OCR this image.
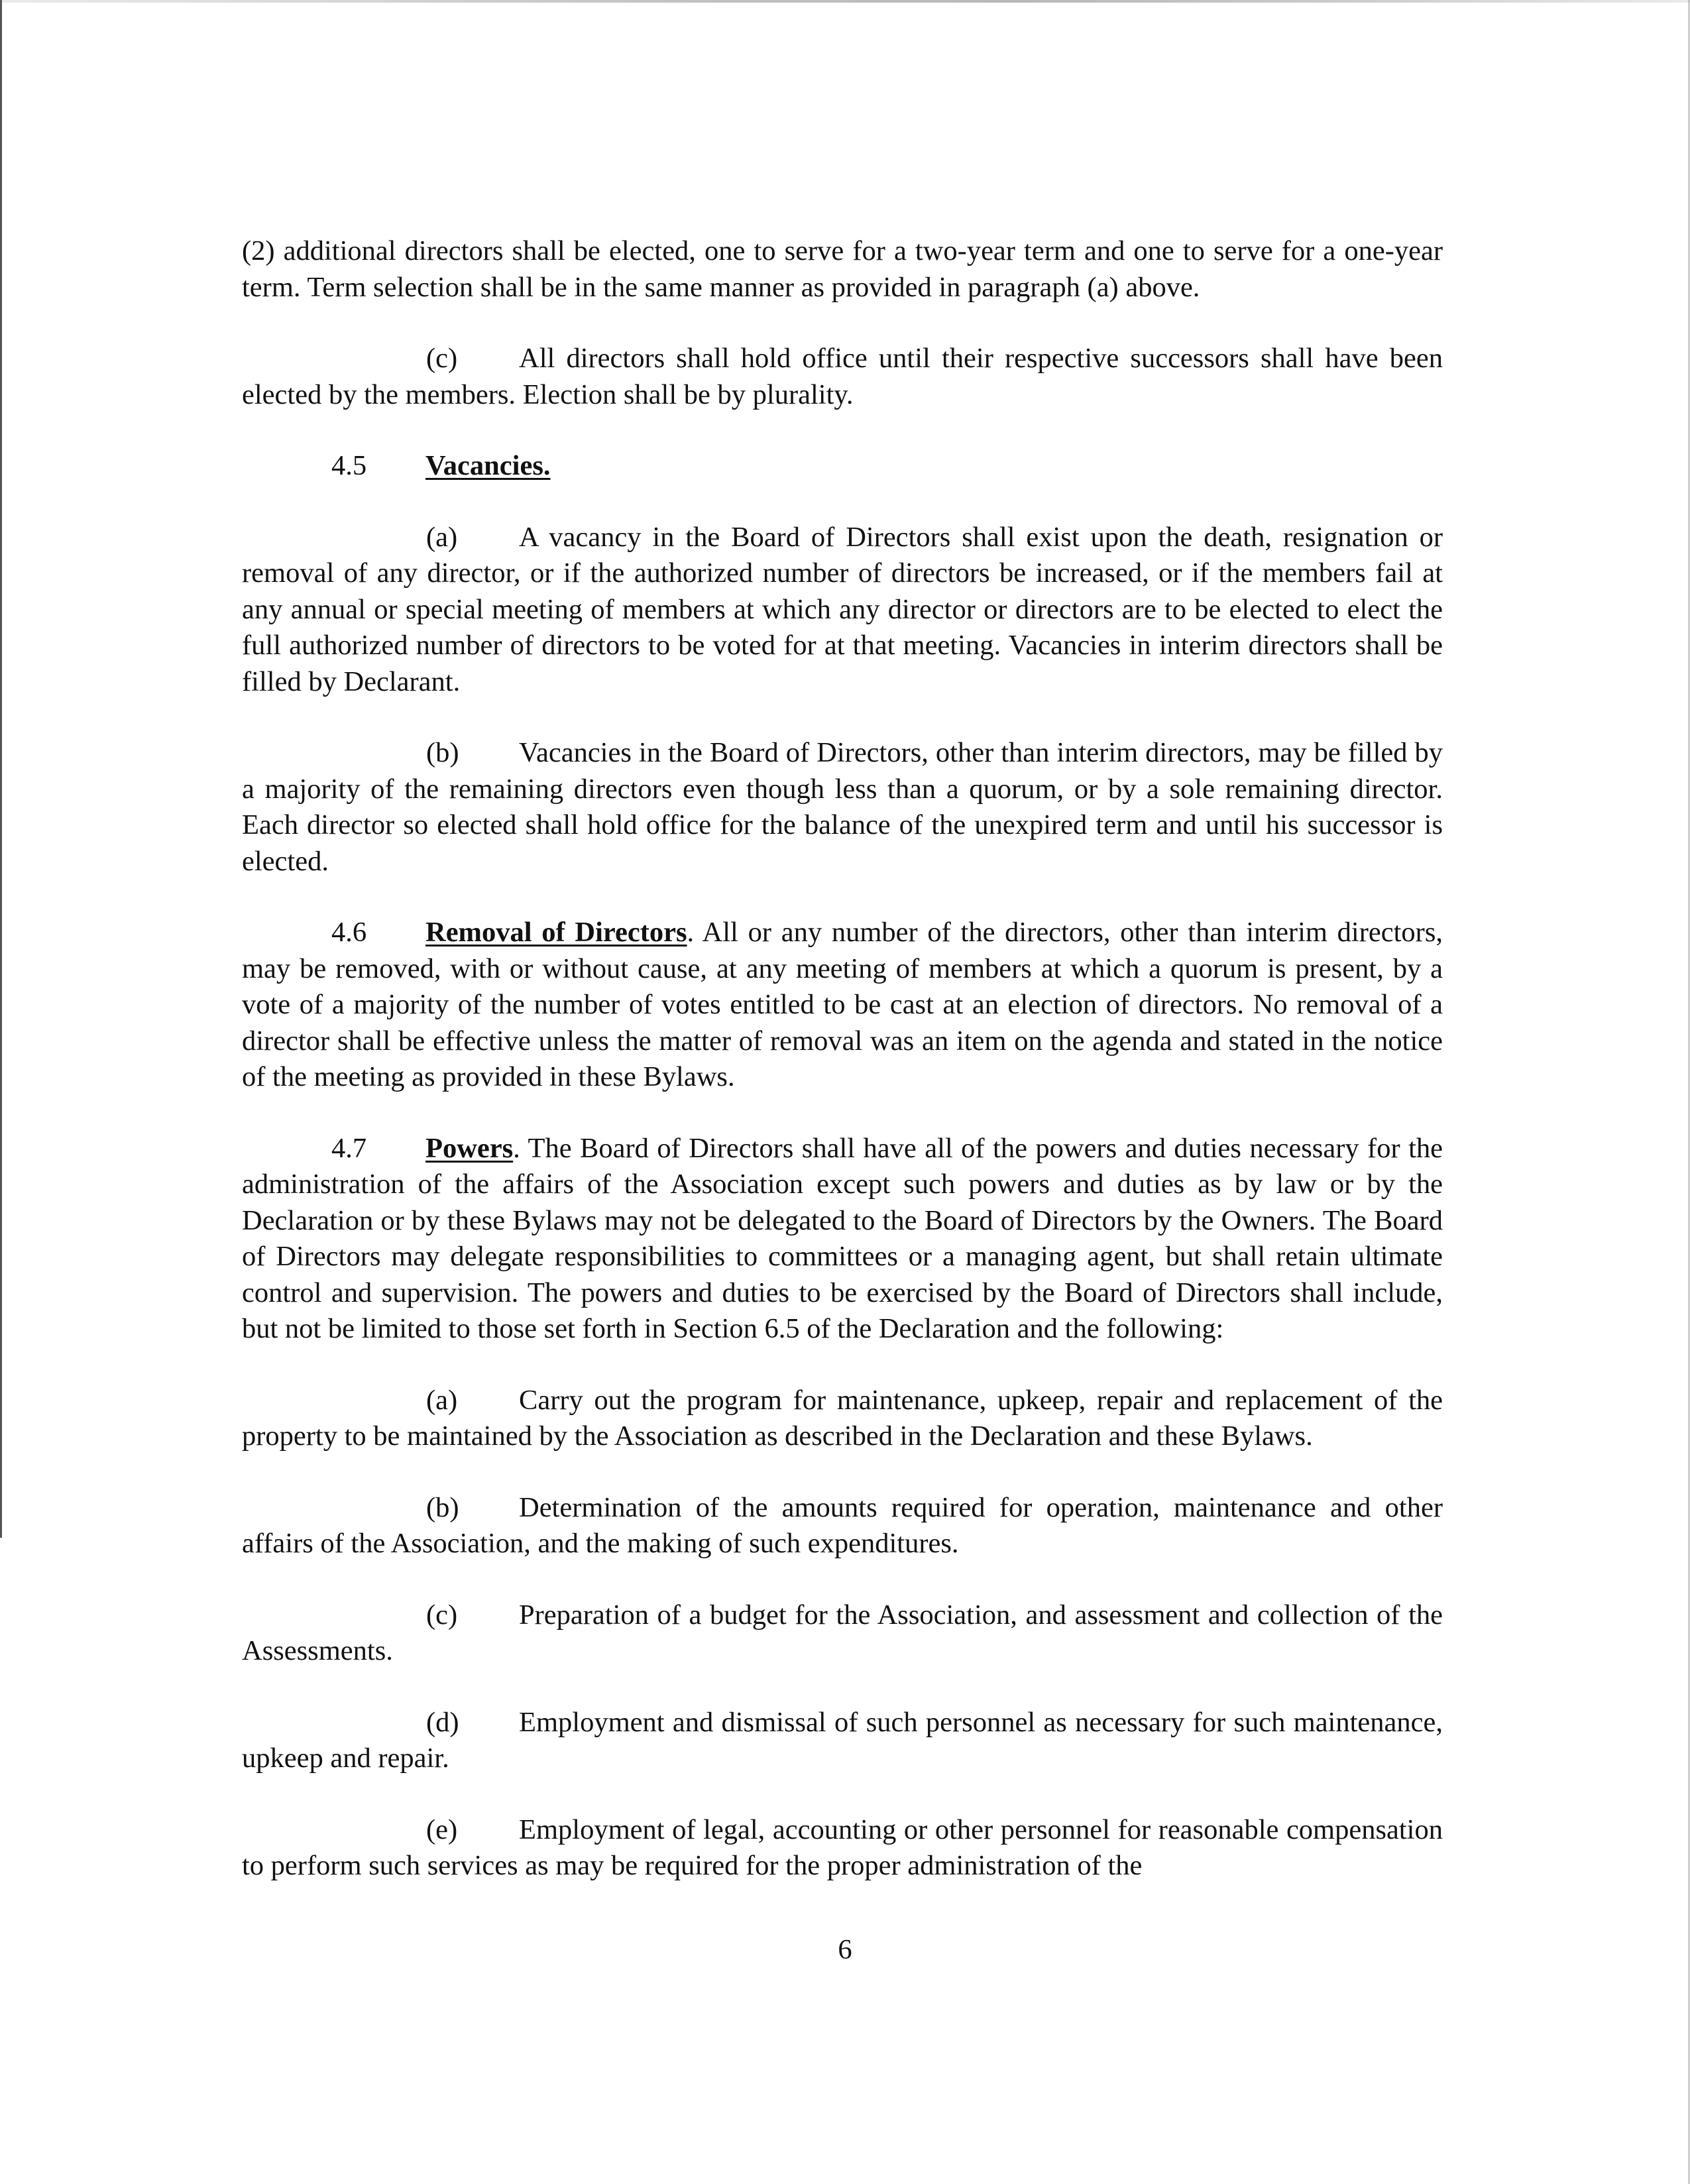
(2) additional directors shall be elected, one to serve for a two-year term and one to serve for a one-year term. Term selection shall be in the same manner as provided in paragraph (a) above.

(c) All directors shall hold office until their respective successors shall have been elected by the members. Election shall be by plurality.

4.5 Vacancies.

(a) A vacancy in the Board of Directors shall exist upon the death, resignation or removal of any director, or if the authorized number of directors be increased, or if the members fail at any annual or special meeting of members at which any director or directors are to be elected to elect the full authorized number of directors to be voted for at that meeting. Vacancies in interim directors shall be filled by Declarant.

(b) Vacancies in the Board of Directors, other than interim directors, may be filled by a majority of the remaining directors even though less than a quorum, or by a sole remaining director. Each director so elected shall hold office for the balance of the unexpired term and until his successor is elected.

4.6 Removal of Directors. All or any number of the directors, other than interim directors, may be removed, with or without cause, at any meeting of members at which a quorum is present, by a vote of a majority of the number of votes entitled to be cast at an election of directors. No removal of a director shall be effective unless the matter of removal was an item on the agenda and stated in the notice of the meeting as provided in these Bylaws.

4.7 Powers. The Board of Directors shall have all of the powers and duties necessary for the administration of the affairs of the Association except such powers and duties as by law or by the Declaration or by these Bylaws may not be delegated to the Board of Directors by the Owners. The Board of Directors may delegate responsibilities to committees or a managing agent, but shall retain ultimate control and supervision. The powers and duties to be exercised by the Board of Directors shall include, but not be limited to those set forth in Section 6.5 of the Declaration and the following:

(a) Carry out the program for maintenance, upkeep, repair and replacement of the property to be maintained by the Association as described in the Declaration and these Bylaws.

(b) Determination of the amounts required for operation, maintenance and other affairs of the Association, and the making of such expenditures.

(c) Preparation of a budget for the Association, and assessment and collection of the Assessments.

(d) Employment and dismissal of such personnel as necessary for such maintenance, upkeep and repair.

(e) Employment of legal, accounting or other personnel for reasonable compensation to perform such services as may be required for the proper administration of the

6
